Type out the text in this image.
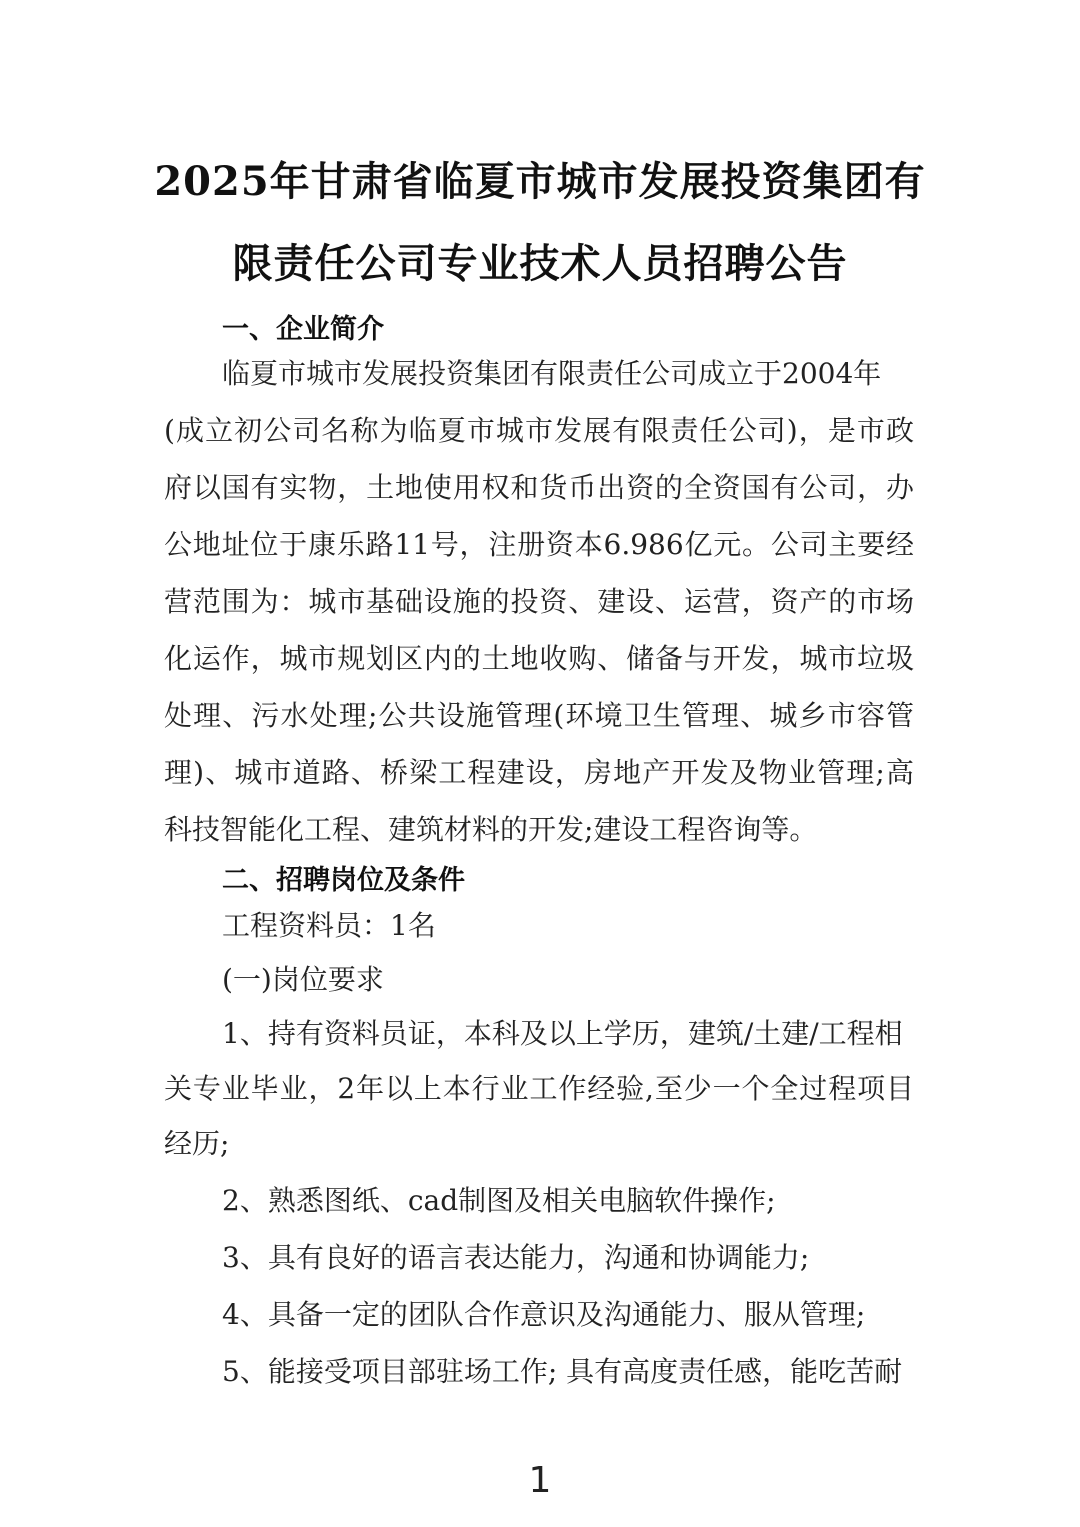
2025年甘肃省临夏市城市发展投资集团有
限责任公司专业技术人员招聘公告
一、企业简介
临夏市城市发展投资集团有限责任公司成立于2004年
(成立初公司名称为临夏市城市发展有限责任公司)，是市政
府以国有实物，土地使用权和货币出资的全资国有公司，办
公地址位于康乐路11号，注册资本6.986亿元。公司主要经
营范围为：城市基础设施的投资、建设、运营，资产的市场
化运作，城市规划区内的土地收购、储备与开发，城市垃圾
处理、污水处理;公共设施管理(环境卫生管理、城乡市容管
理)、城市道路、桥梁工程建设，房地产开发及物业管理;高
科技智能化工程、建筑材料的开发;建设工程咨询等。
二、招聘岗位及条件
工程资料员：1名
(一)岗位要求
1、持有资料员证，本科及以上学历，建筑/土建/工程相
关专业毕业，2年以上本行业工作经验,至少一个全过程项目
经历;
2、熟悉图纸、cad制图及相关电脑软件操作;
3、具有良好的语言表达能力，沟通和协调能力;
4、具备一定的团队合作意识及沟通能力、服从管理;
5、能接受项目部驻场工作; 具有高度责任感，能吃苦耐
1
